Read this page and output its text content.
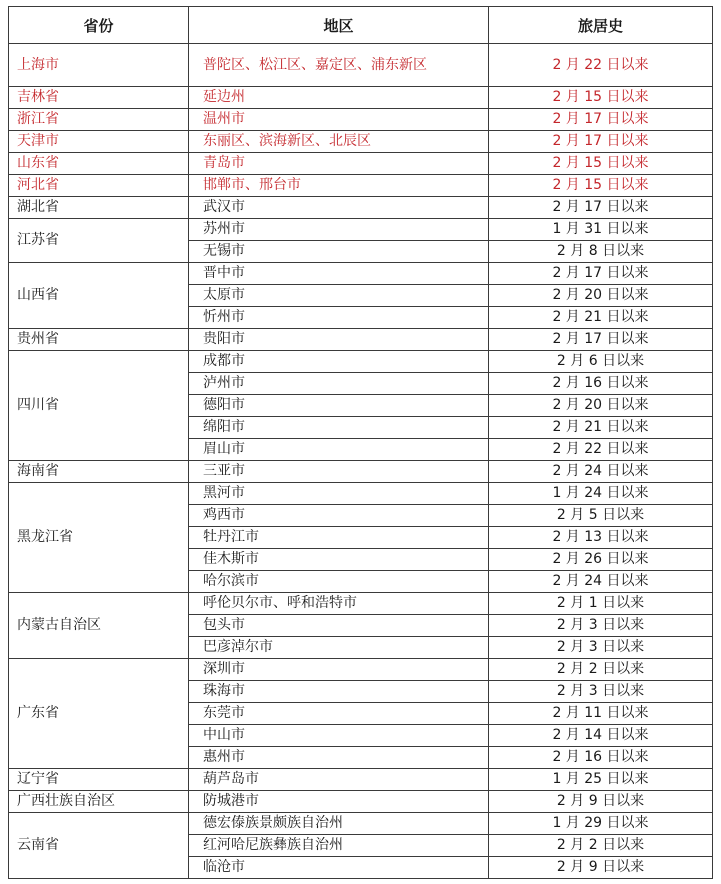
省份	地区	旅居史
上海市	普陀区、松江区、嘉定区、浦东新区	2 月 22 日以来
吉林省	延边州	2 月 15 日以来
浙江省	温州市	2 月 17 日以来
天津市	东丽区、滨海新区、北辰区	2 月 17 日以来
山东省	青岛市	2 月 15 日以来
河北省	邯郸市、邢台市	2 月 15 日以来
湖北省	武汉市	2 月 17 日以来
江苏省	苏州市	1 月 31 日以来
	无锡市	2 月 8 日以来
山西省	晋中市	2 月 17 日以来
	太原市	2 月 20 日以来
	忻州市	2 月 21 日以来
贵州省	贵阳市	2 月 17 日以来
四川省	成都市	2 月 6 日以来
	泸州市	2 月 16 日以来
	德阳市	2 月 20 日以来
	绵阳市	2 月 21 日以来
	眉山市	2 月 22 日以来
海南省	三亚市	2 月 24 日以来
黑龙江省	黑河市	1 月 24 日以来
	鸡西市	2 月 5 日以来
	牡丹江市	2 月 13 日以来
	佳木斯市	2 月 26 日以来
	哈尔滨市	2 月 24 日以来
内蒙古自治区	呼伦贝尔市、呼和浩特市	2 月 1 日以来
	包头市	2 月 3 日以来
	巴彦淖尔市	2 月 3 日以来
广东省	深圳市	2 月 2 日以来
	珠海市	2 月 3 日以来
	东莞市	2 月 11 日以来
	中山市	2 月 14 日以来
	惠州市	2 月 16 日以来
辽宁省	葫芦岛市	1 月 25 日以来
广西壮族自治区	防城港市	2 月 9 日以来
云南省	德宏傣族景颇族自治州	1 月 29 日以来
	红河哈尼族彝族自治州	2 月 2 日以来
	临沧市	2 月 9 日以来
